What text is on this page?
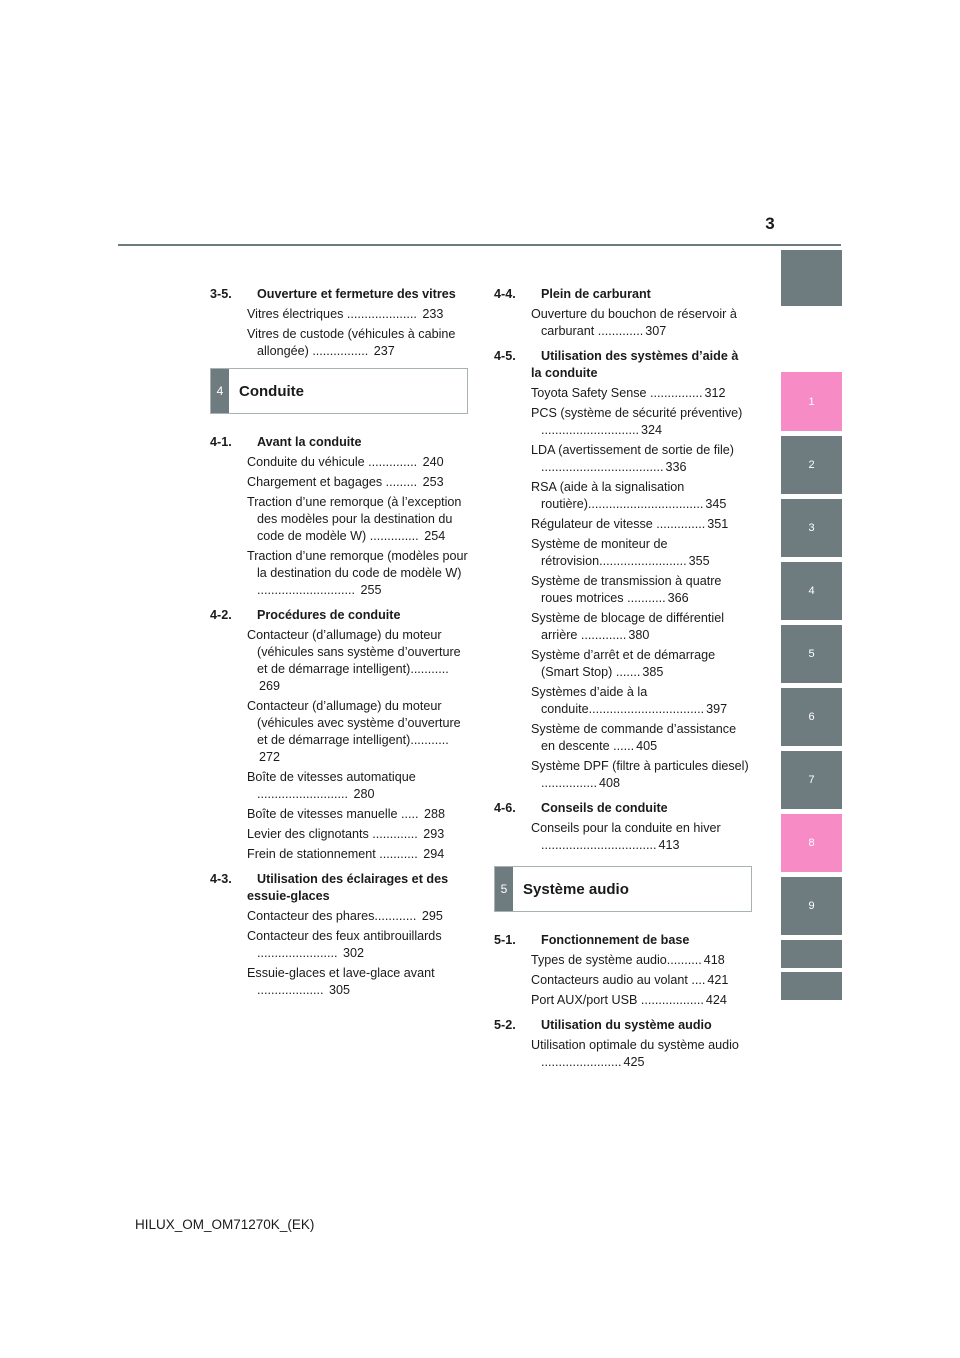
3
3-5. Ouverture et fermeture des vitres
Vitres électriques .................... 233
Vitres de custode (véhicules à cabine allongée) ................ 237
4	Conduite
4-1. Avant la conduite
Conduite du véhicule .............. 240
Chargement et bagages ......... 253
Traction d’une remorque (à l’exception des modèles pour la destination du code de modèle W) .............. 254
Traction d’une remorque (modèles pour la destination du code de modèle W) ............................ 255
4-2. Procédures de conduite
Contacteur (d’allumage) du moteur (véhicules sans système d’ouverture et de démarrage intelligent)........... 269
Contacteur (d’allumage) du moteur (véhicules avec système d’ouverture et de démarrage intelligent)........... 272
Boîte de vitesses automatique .......................... 280
Boîte de vitesses manuelle ..... 288
Levier des clignotants ............. 293
Frein de stationnement ........... 294
4-3. Utilisation des éclairages et des essuie-glaces
Contacteur des phares............ 295
Contacteur des feux antibrouillards ....................... 302
Essuie-glaces et lave-glace avant ................... 305
4-4. Plein de carburant
Ouverture du bouchon de réservoir à carburant ............. 307
4-5. Utilisation des systèmes d’aide à la conduite
Toyota Safety Sense ............... 312
PCS (système de sécurité préventive) ............................ 324
LDA (avertissement de sortie de file) ................................... 336
RSA (aide à la signalisation routière)................................. 345
Régulateur de vitesse .............. 351
Système de moniteur de rétrovision......................... 355
Système de transmission à quatre roues motrices ........... 366
Système de blocage de différentiel arrière ............. 380
Système d’arrêt et de démarrage (Smart Stop) ....... 385
Systèmes d’aide à la conduite................................. 397
Système de commande d’assistance en descente ...... 405
Système DPF (filtre à particules diesel) ................ 408
4-6. Conseils de conduite
Conseils pour la conduite en hiver ................................. 413
5	Système audio
5-1. Fonctionnement de base
Types de système audio.......... 418
Contacteurs audio au volant .... 421
Port AUX/port USB .................. 424
5-2. Utilisation du système audio
Utilisation optimale du système audio ....................... 425
1
2
3
4
5
6
7
8
9
HILUX_OM_OM71270K_(EK)
